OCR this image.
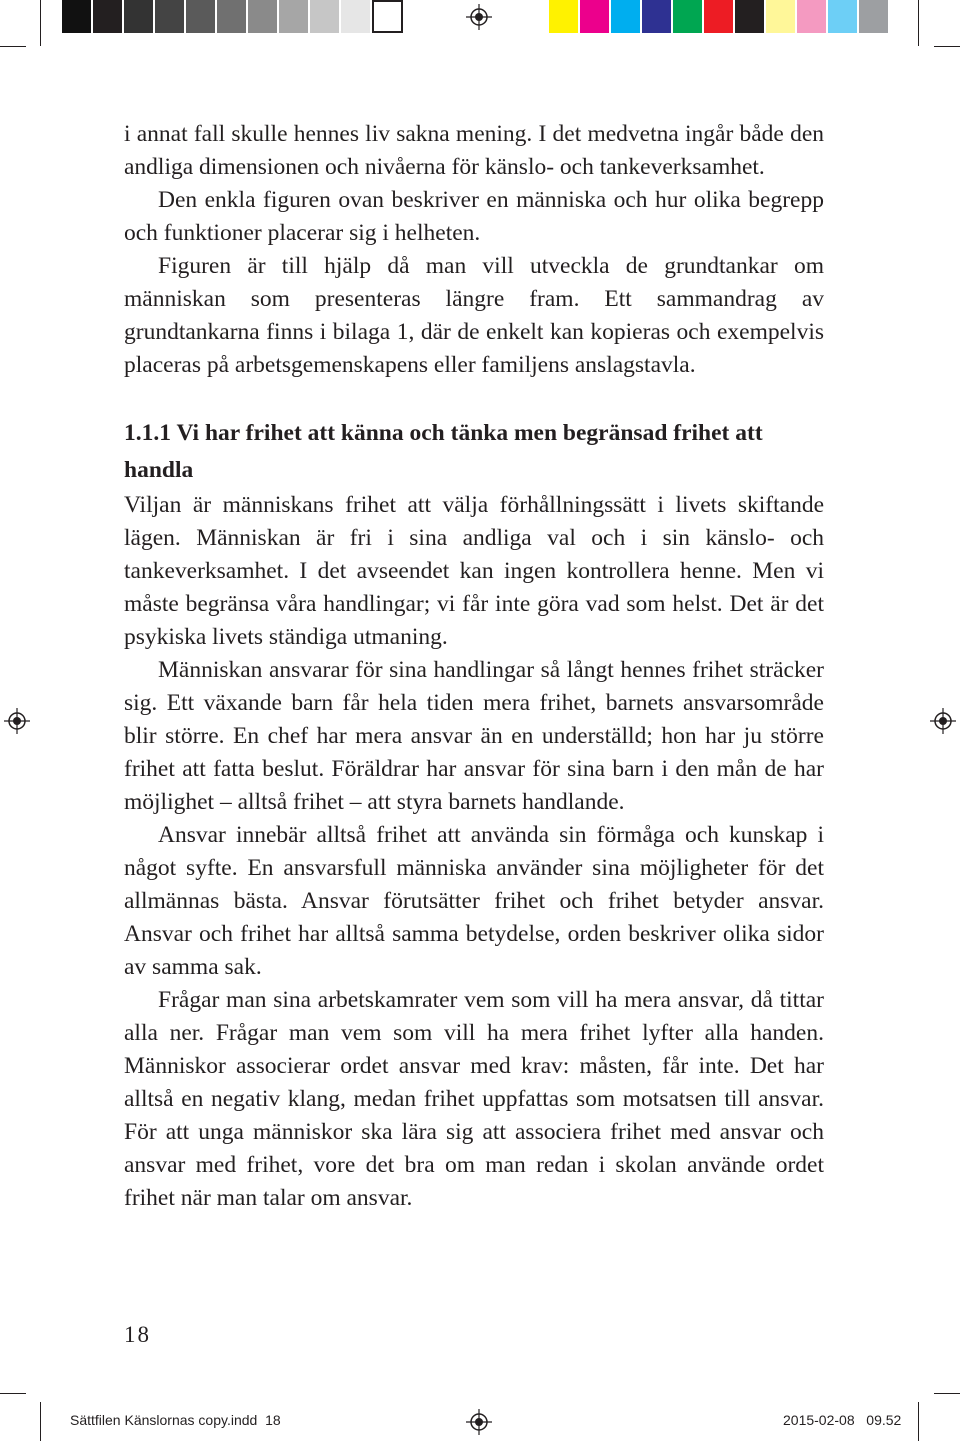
i annat fall skulle hennes liv sakna mening. I det medvetna ingår både den andliga dimensionen och nivåerna för känslo- och tankeverksamhet.

Den enkla figuren ovan beskriver en människa och hur olika begrepp och funktioner placerar sig i helheten.

Figuren är till hjälp då man vill utveckla de grundtankar om människan som presenteras längre fram. Ett sammandrag av grundtankarna finns i bilaga 1, där de enkelt kan kopieras och exempelvis placeras på arbetsgemenskapens eller familjens anslagstavla.

1.1.1 Vi har frihet att känna och tänka men begränsad frihet att handla

Viljan är människans frihet att välja förhållningssätt i livets skiftande lägen. Människan är fri i sina andliga val och i sin känslo- och tankeverksamhet. I det avseendet kan ingen kontrollera henne. Men vi måste begränsa våra handlingar; vi får inte göra vad som helst. Det är det psykiska livets ständiga utmaning.

Människan ansvarar för sina handlingar så långt hennes frihet sträcker sig. Ett växande barn får hela tiden mera frihet, barnets ansvarsområde blir större. En chef har mera ansvar än en underställd; hon har ju större frihet att fatta beslut. Föräldrar har ansvar för sina barn i den mån de har möjlighet – alltså frihet – att styra barnets handlande.

Ansvar innebär alltså frihet att använda sin förmåga och kunskap i något syfte. En ansvarsfull människa använder sina möjligheter för det allmännas bästa. Ansvar förutsätter frihet och frihet betyder ansvar. Ansvar och frihet har alltså samma betydelse, orden beskriver olika sidor av samma sak.

Frågar man sina arbetskamrater vem som vill ha mera ansvar, då tittar alla ner. Frågar man vem som vill ha mera frihet lyfter alla handen. Människor associerar ordet ansvar med krav: måsten, får inte. Det har alltså en negativ klang, medan frihet uppfattas som motsatsen till ansvar. För att unga människor ska lära sig att associera frihet med ansvar och ansvar med frihet, vore det bra om man redan i skolan använde ordet frihet när man talar om ansvar.

18
Sättfilen Känslornas copy.indd 18	2015-02-08 09.52
